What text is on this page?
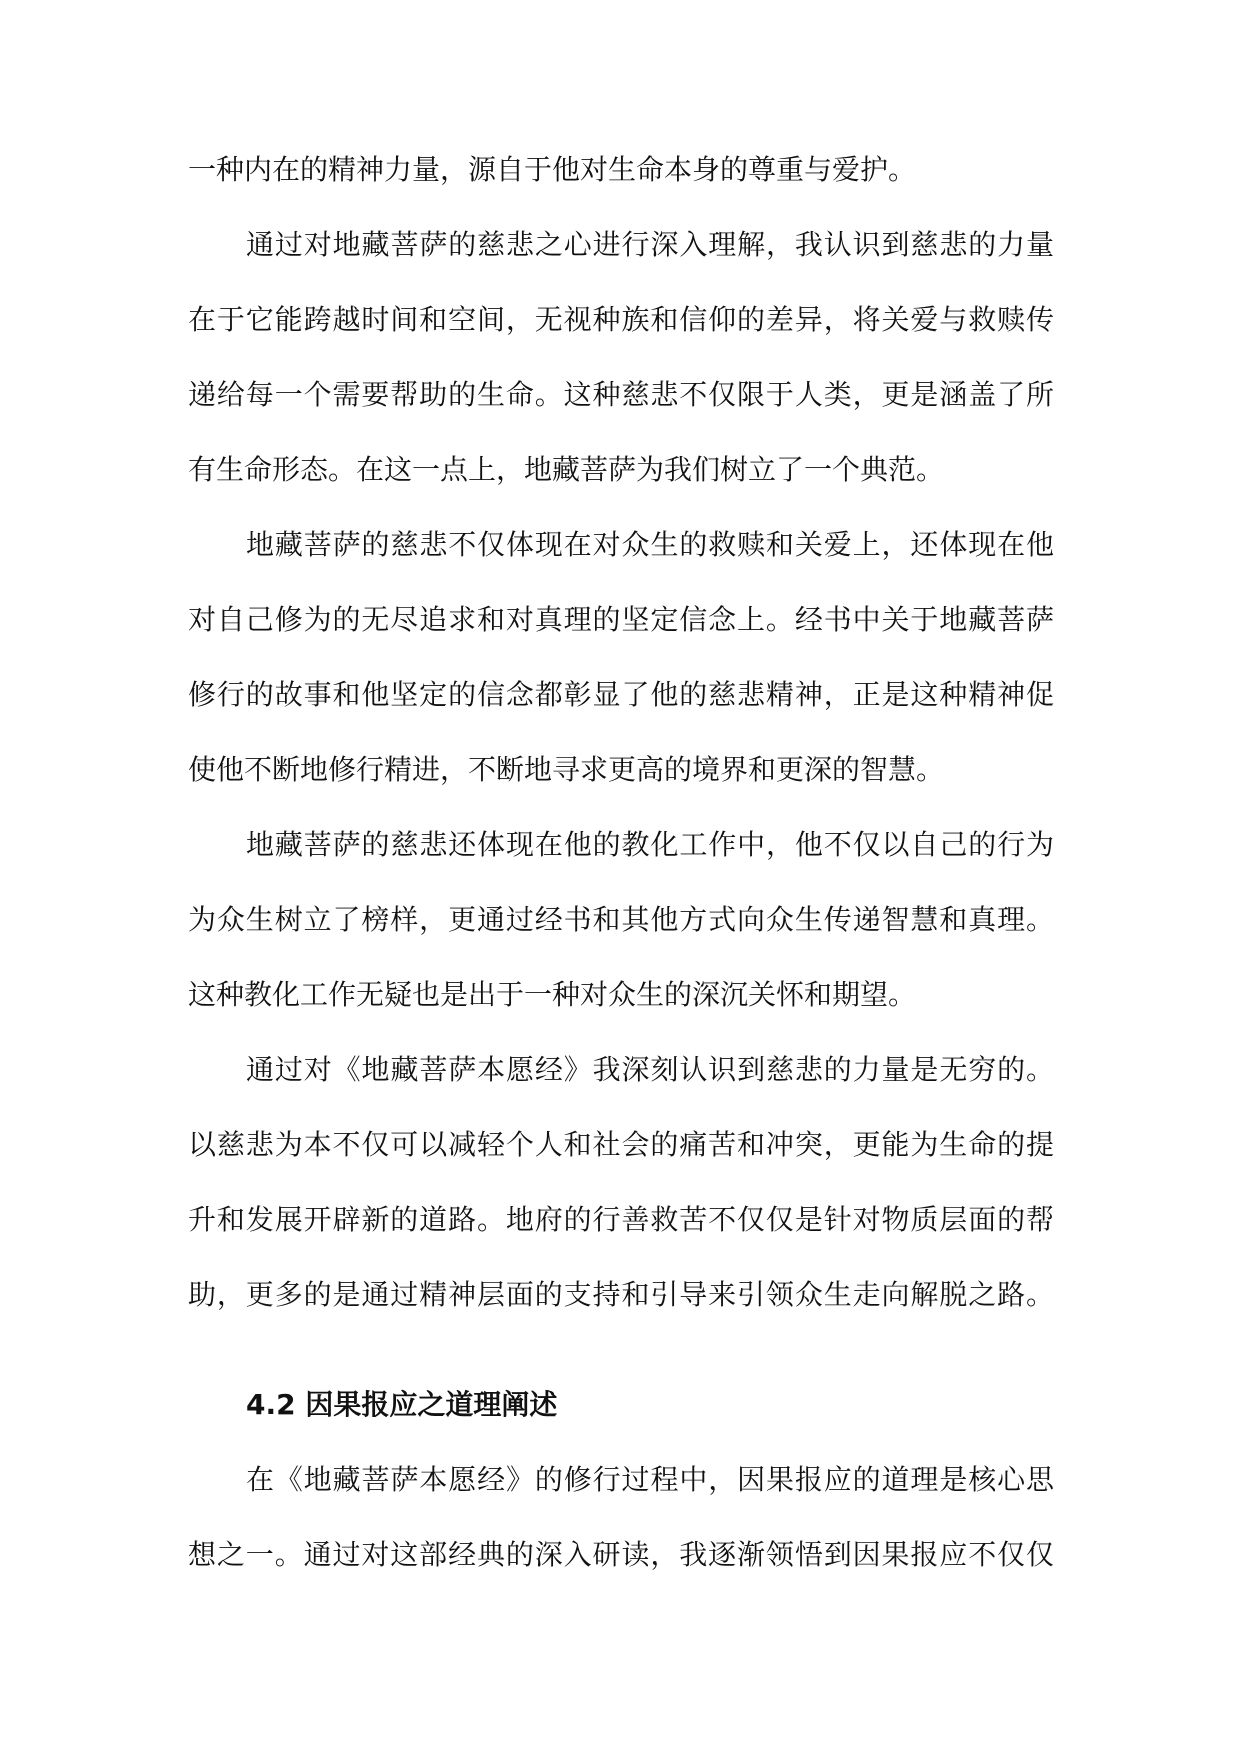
一种内在的精神力量，源自于他对生命本身的尊重与爱护。
通过对地藏菩萨的慈悲之心进行深入理解，我认识到慈悲的力量
在于它能跨越时间和空间，无视种族和信仰的差异，将关爱与救赎传
递给每一个需要帮助的生命。这种慈悲不仅限于人类，更是涵盖了所
有生命形态。在这一点上，地藏菩萨为我们树立了一个典范。
地藏菩萨的慈悲不仅体现在对众生的救赎和关爱上，还体现在他
对自己修为的无尽追求和对真理的坚定信念上。经书中关于地藏菩萨
修行的故事和他坚定的信念都彰显了他的慈悲精神，正是这种精神促
使他不断地修行精进，不断地寻求更高的境界和更深的智慧。
地藏菩萨的慈悲还体现在他的教化工作中，他不仅以自己的行为
为众生树立了榜样，更通过经书和其他方式向众生传递智慧和真理。
这种教化工作无疑也是出于一种对众生的深沉关怀和期望。
通过对《地藏菩萨本愿经》我深刻认识到慈悲的力量是无穷的。
以慈悲为本不仅可以减轻个人和社会的痛苦和冲突，更能为生命的提
升和发展开辟新的道路。地府的行善救苦不仅仅是针对物质层面的帮
助，更多的是通过精神层面的支持和引导来引领众生走向解脱之路。
4.2 因果报应之道理阐述
在《地藏菩萨本愿经》的修行过程中，因果报应的道理是核心思
想之一。通过对这部经典的深入研读，我逐渐领悟到因果报应不仅仅
